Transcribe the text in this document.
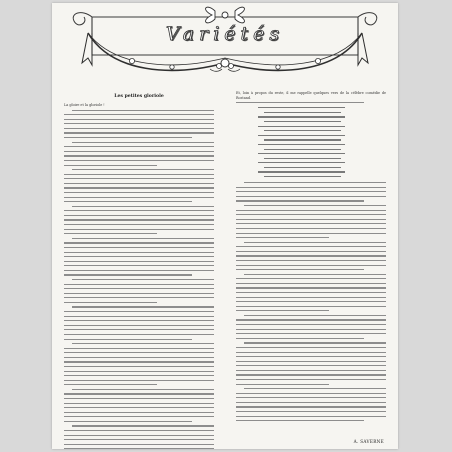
Variétés
Les petites gloriole
La gloire et la gloriole !
Et, loin à propos du reste, il me rappelle quelques vers de la célèbre comédie de Rostand.
A. SAVERNE
